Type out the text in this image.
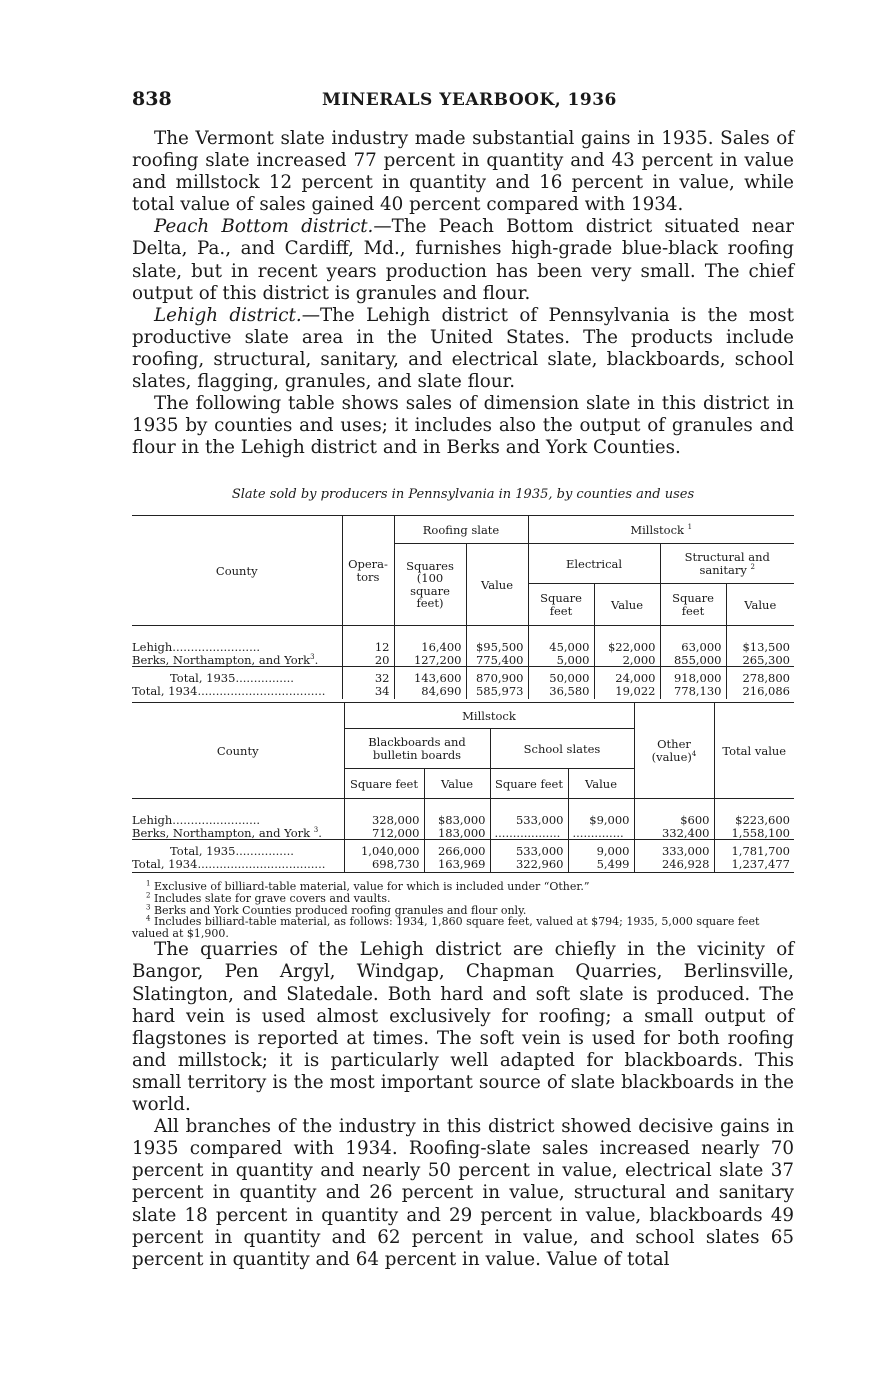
838	MINERALS YEARBOOK, 1936

The Vermont slate industry made substantial gains in 1935. Sales of roofing slate increased 77 percent in quantity and 43 percent in value and millstock 12 percent in quantity and 16 percent in value, while total value of sales gained 40 percent compared with 1934.

Peach Bottom district.—The Peach Bottom district situated near Delta, Pa., and Cardiff, Md., furnishes high-grade blue-black roofing slate, but in recent years production has been very small. The chief output of this district is granules and flour.

Lehigh district.—The Lehigh district of Pennsylvania is the most productive slate area in the United States. The products include roofing, structural, sanitary, and electrical slate, blackboards, school slates, flagging, granules, and slate flour.

The following table shows sales of dimension slate in this district in 1935 by counties and uses; it includes also the output of granules and flour in the Lehigh district and in Berks and York Counties.

Slate sold by producers in Pennsylvania in 1935, by counties and uses
County	Opera-tors	Roofing slate		Millstock $^1$
		Squares (100 square feet)	Value	Electrical		Structural and sanitary $^2$
				Square feet	Value	Square feet	Value

Lehigh........................	12	16,400	$95,500	45,000	$22,000	63,000	$13,500
Berks, Northampton, and York$^3$.	20	127,200	775,400	5,000	2,000	855,000	265,300
Total, 1935................	32	143,600	870,900	50,000	24,000	918,000	278,800
Total, 1934...................................	34	84,690	585,973	36,580	19,022	778,130	216,086
County	Millstock				Other (value)$^4$	Total value
	Blackboards and bulletin boards		School slates			
	Square feet	Value	Square feet	Value		

Lehigh........................	328,000	$83,000	533,000	$9,000	$600	$223,600
Berks, Northampton, and York $^3$.	712,000	183,000	..................	..............	332,400	1,558,100
Total, 1935................	1,040,000	266,000	533,000	9,000	333,000	1,781,700
Total, 1934...................................	698,730	163,969	322,960	5,499	246,928	1,237,477
$^1$ Exclusive of billiard-table material, value for which is included under “Other.”
$^2$ Includes slate for grave covers and vaults.
$^3$ Berks and York Counties produced roofing granules and flour only.
$^4$ Includes billiard-table material, as follows: 1934, 1,860 square feet, valued at $794; 1935, 5,000 square feet valued at $1,900.

The quarries of the Lehigh district are chiefly in the vicinity of Bangor, Pen Argyl, Windgap, Chapman Quarries, Berlinsville, Slatington, and Slatedale. Both hard and soft slate is produced. The hard vein is used almost exclusively for roofing; a small output of flagstones is reported at times. The soft vein is used for both roofing and millstock; it is particularly well adapted for blackboards. This small territory is the most important source of slate blackboards in the world.

All branches of the industry in this district showed decisive gains in 1935 compared with 1934. Roofing-slate sales increased nearly 70 percent in quantity and nearly 50 percent in value, electrical slate 37 percent in quantity and 26 percent in value, structural and sanitary slate 18 percent in quantity and 29 percent in value, blackboards 49 percent in quantity and 62 percent in value, and school slates 65 percent in quantity and 64 percent in value. Value of total
